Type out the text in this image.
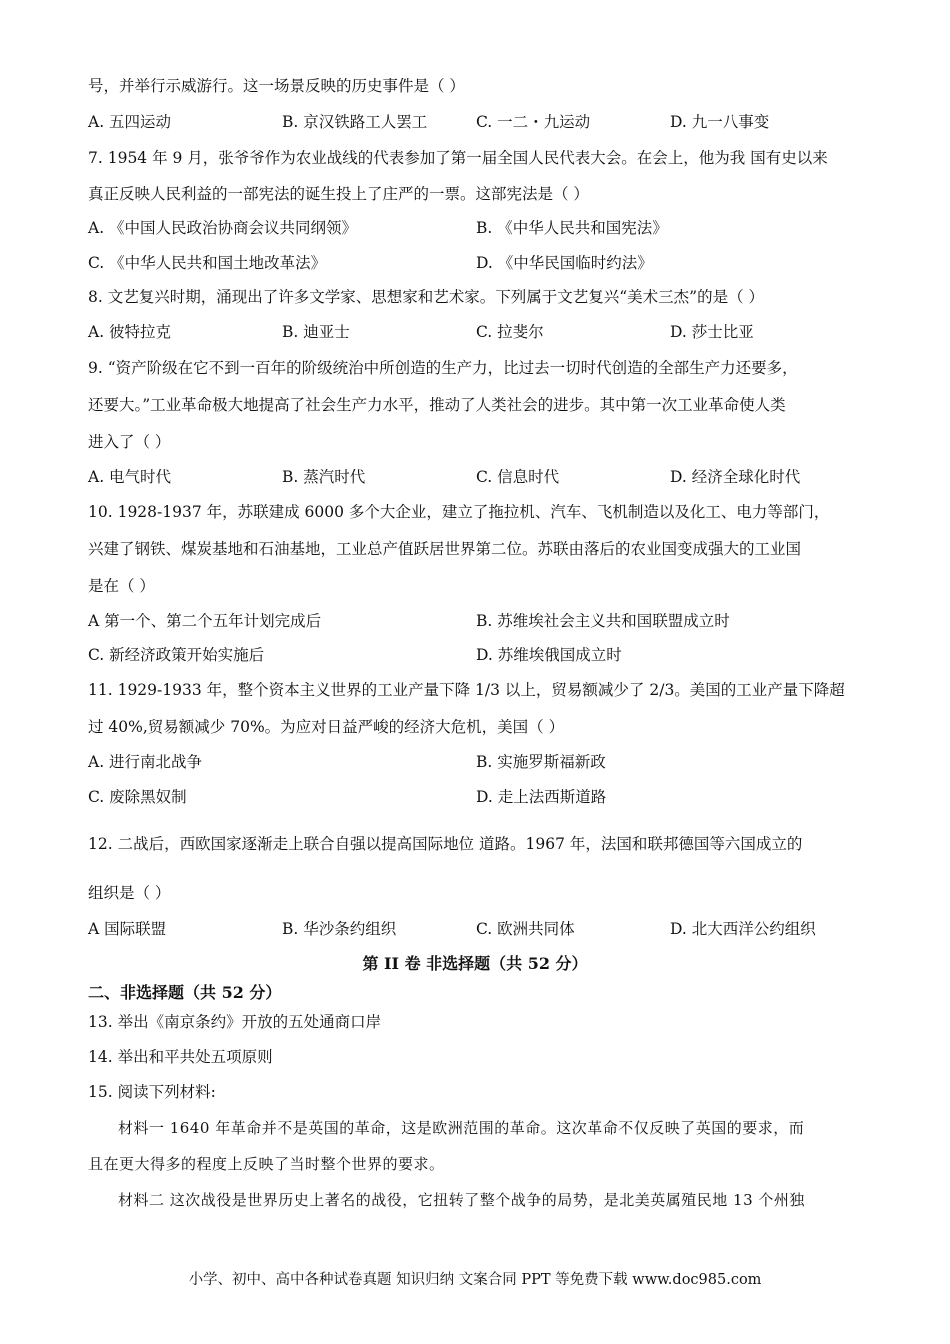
号，并举行示威游行。这一场景反映的历史事件是（ ）
A. 五四运动	B. 京汉铁路工人罢工	C. 一二・九运动	D. 九一八事变
7. 1954 年 9 月，张爷爷作为农业战线的代表参加了第一届全国人民代表大会。在会上，他为我 国有史以来
真正反映人民利益的一部宪法的诞生投上了庄严的一票。这部宪法是（ ）
A. 《中国人民政治协商会议共同纲领》	B. 《中华人民共和国宪法》
C. 《中华人民共和国土地改革法》	D. 《中华民国临时约法》
8. 文艺复兴时期，涌现出了许多文学家、思想家和艺术家。下列属于文艺复兴“美术三杰”的是（ ）
A. 彼特拉克	B. 迪亚士	C. 拉斐尔	D. 莎士比亚
9. “资产阶级在它不到一百年的阶级统治中所创造的生产力，比过去一切时代创造的全部生产力还要多，
还要大。”工业革命极大地提高了社会生产力水平，推动了人类社会的进步。其中第一次工业革命使人类
进入了（ ）
A. 电气时代	B. 蒸汽时代	C. 信息时代	D. 经济全球化时代
10. 1928-1937 年，苏联建成 6000 多个大企业，建立了拖拉机、汽车、飞机制造以及化工、电力等部门，
兴建了钢铁、煤炭基地和石油基地，工业总产值跃居世界第二位。苏联由落后的农业国变成强大的工业国
是在（ ）
A 第一个、第二个五年计划完成后	B. 苏维埃社会主义共和国联盟成立时
C. 新经济政策开始实施后	D. 苏维埃俄国成立时
11. 1929-1933 年，整个资本主义世界的工业产量下降 1/3 以上，贸易额减少了 2/3。美国的工业产量下降超
过 40%,贸易额减少 70%。为应对日益严峻的经济大危机，美国（ ）
A. 进行南北战争	B. 实施罗斯福新政
C. 废除黑奴制	D. 走上法西斯道路
12. 二战后，西欧国家逐渐走上联合自强以提高国际地位 道路。1967 年，法国和联邦德国等六国成立的
组织是（ ）
A 国际联盟	B. 华沙条约组织	C. 欧洲共同体	D. 北大西洋公约组织
第 II 卷 非选择题（共 52 分）
二、非选择题（共 52 分）
13. 举出《南京条约》开放的五处通商口岸
14. 举出和平共处五项原则
15. 阅读下列材料:
材料一 1640 年革命并不是英国的革命，这是欧洲范围的革命。这次革命不仅反映了英国的要求，而
且在更大得多的程度上反映了当时整个世界的要求。
材料二 这次战役是世界历史上著名的战役，它扭转了整个战争的局势，是北美英属殖民地 13 个州独
小学、初中、高中各种试卷真题 知识归纳 文案合同 PPT 等免费下载 www.doc985.com
